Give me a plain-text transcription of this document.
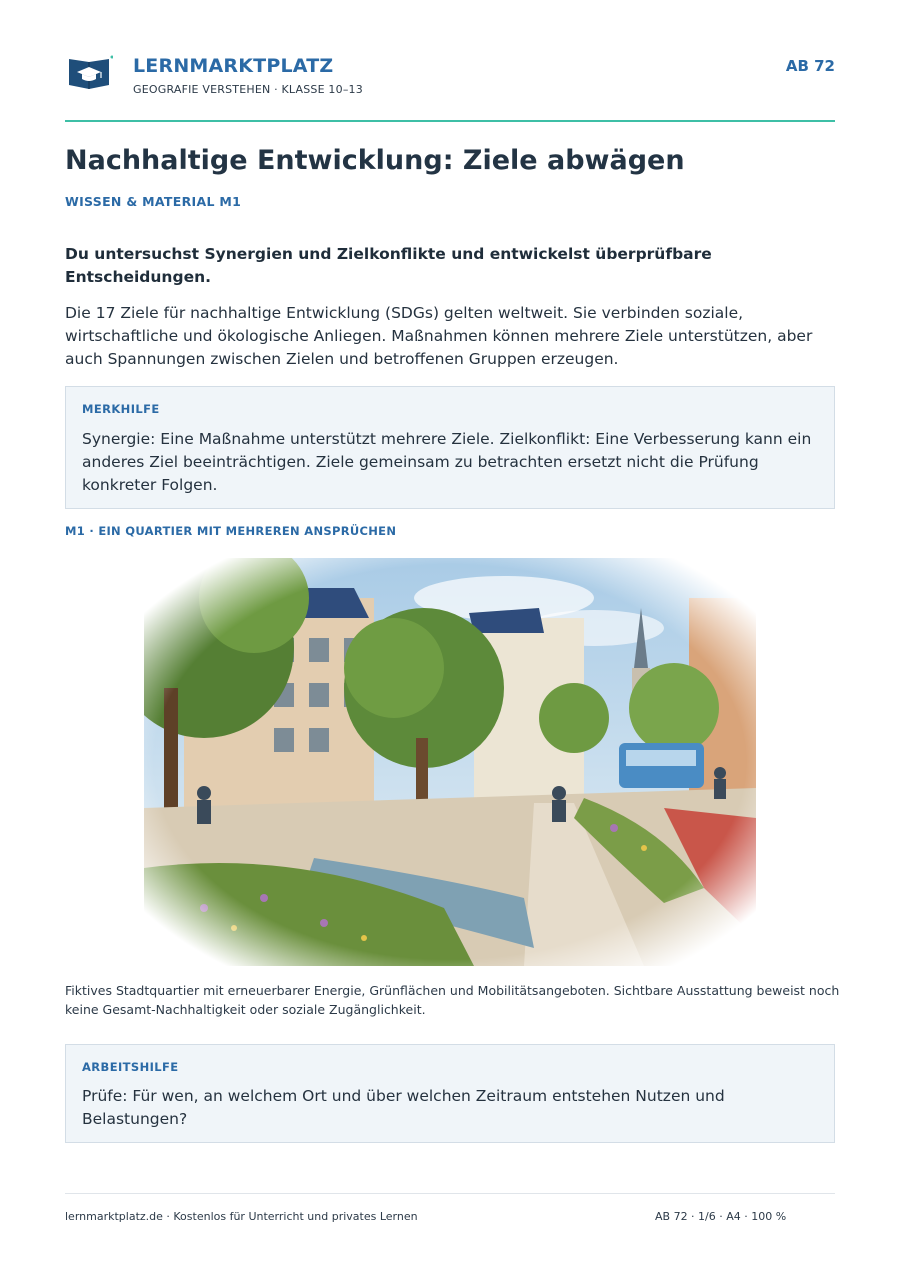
LERNMARKTPLATZ
GEOGRAFIE VERSTEHEN · KLASSE 10–13
AB 72
Nachhaltige Entwicklung: Ziele abwägen
WISSEN & MATERIAL M1

Du untersuchst Synergien und Zielkonflikte und entwickelst überprüfbare Entscheidungen.

Die 17 Ziele für nachhaltige Entwicklung (SDGs) gelten weltweit. Sie verbinden soziale, wirtschaftliche und ökologische Anliegen. Maßnahmen können mehrere Ziele unterstützen, aber auch Spannungen zwischen Zielen und betroffenen Gruppen erzeugen.

MERKHILFE

Synergie: Eine Maßnahme unterstützt mehrere Ziele. Zielkonflikt: Eine Verbesserung kann ein anderes Ziel beeinträchtigen. Ziele gemeinsam zu betrachten ersetzt nicht die Prüfung konkreter Folgen.

M1 · EIN QUARTIER MIT MEHREREN ANSPRÜCHEN

Fiktives Stadtquartier mit erneuerbarer Energie, Grünflächen und Mobilitätsangeboten. Sichtbare Ausstattung beweist noch keine Gesamt-Nachhaltigkeit oder soziale Zugänglichkeit.

ARBEITSHILFE

Prüfe: Für wen, an welchem Ort und über welchen Zeitraum entstehen Nutzen und Belastungen?

lernmarktplatz.de · Kostenlos für Unterricht und privates Lernen	AB 72 · 1/6 · A4 · 100 %
